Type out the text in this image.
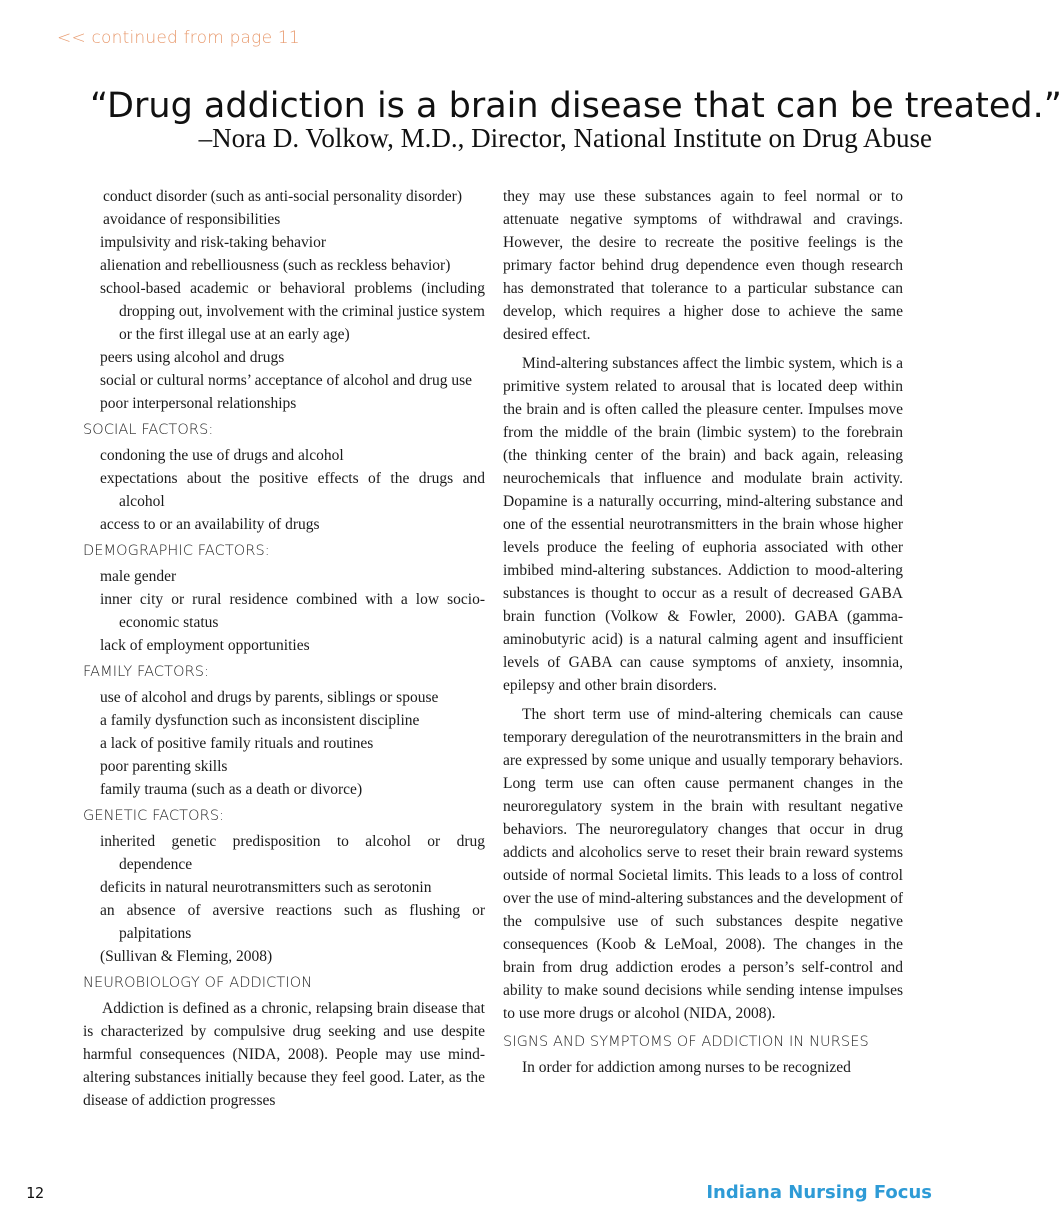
<< continued from page 11
“Drug addiction is a brain disease that can be treated.”
–Nora D. Volkow, M.D., Director, National Institute on Drug Abuse

conduct disorder (such as anti-social personality disorder)

avoidance of responsibilities

impulsivity and risk-taking behavior

alienation and rebelliousness (such as reckless behavior)

school-based academic or behavioral problems (including dropping out, involvement with the criminal justice system or the first illegal use at an early age)

peers using alcohol and drugs

social or cultural norms’ acceptance of alcohol and drug use

poor interpersonal relationships

SOCIAL FACTORS:

condoning the use of drugs and alcohol

expectations about the positive effects of the drugs and alcohol

access to or an availability of drugs

DEMOGRAPHIC FACTORS:

male gender

inner city or rural residence combined with a low socio-economic status

lack of employment opportunities

FAMILY FACTORS:

use of alcohol and drugs by parents, siblings or spouse

a family dysfunction such as inconsistent discipline

a lack of positive family rituals and routines

poor parenting skills

family trauma (such as a death or divorce)

GENETIC FACTORS:

inherited genetic predisposition to alcohol or drug dependence

deficits in natural neurotransmitters such as serotonin

an absence of aversive reactions such as flushing or palpitations

(Sullivan & Fleming, 2008)

NEUROBIOLOGY OF ADDICTION

Addiction is defined as a chronic, relapsing brain disease that is characterized by compulsive drug seeking and use despite harmful consequences (NIDA, 2008). People may use mind-altering substances initially because they feel good. Later, as the disease of addiction progresses

they may use these substances again to feel normal or to attenuate negative symptoms of withdrawal and cravings. However, the desire to recreate the positive feelings is the primary factor behind drug dependence even though research has demonstrated that tolerance to a particular substance can develop, which requires a higher dose to achieve the same desired effect.

Mind-altering substances affect the limbic system, which is a primitive system related to arousal that is located deep within the brain and is often called the pleasure center. Impulses move from the middle of the brain (limbic system) to the forebrain (the thinking center of the brain) and back again, releasing neurochemicals that influence and modulate brain activity. Dopamine is a naturally occurring, mind-altering substance and one of the essential neurotransmitters in the brain whose higher levels produce the feeling of euphoria associated with other imbibed mind-altering substances. Addiction to mood-altering substances is thought to occur as a result of decreased GABA brain function (Volkow & Fowler, 2000). GABA (gamma-aminobutyric acid) is a natural calming agent and insufficient levels of GABA can cause symptoms of anxiety, insomnia, epilepsy and other brain disorders.

The short term use of mind-altering chemicals can cause temporary deregulation of the neurotransmitters in the brain and are expressed by some unique and usually temporary behaviors. Long term use can often cause permanent changes in the neuroregulatory system in the brain with resultant negative behaviors. The neuroregulatory changes that occur in drug addicts and alcoholics serve to reset their brain reward systems outside of normal Societal limits. This leads to a loss of control over the use of mind-altering substances and the development of the compulsive use of such substances despite negative consequences (Koob & LeMoal, 2008). The changes in the brain from drug addiction erodes a person’s self-control and ability to make sound decisions while sending intense impulses to use more drugs or alcohol (NIDA, 2008).

SIGNS AND SYMPTOMS OF ADDICTION IN NURSES

In order for addiction among nurses to be recognized

12	Indiana Nursing Focus
